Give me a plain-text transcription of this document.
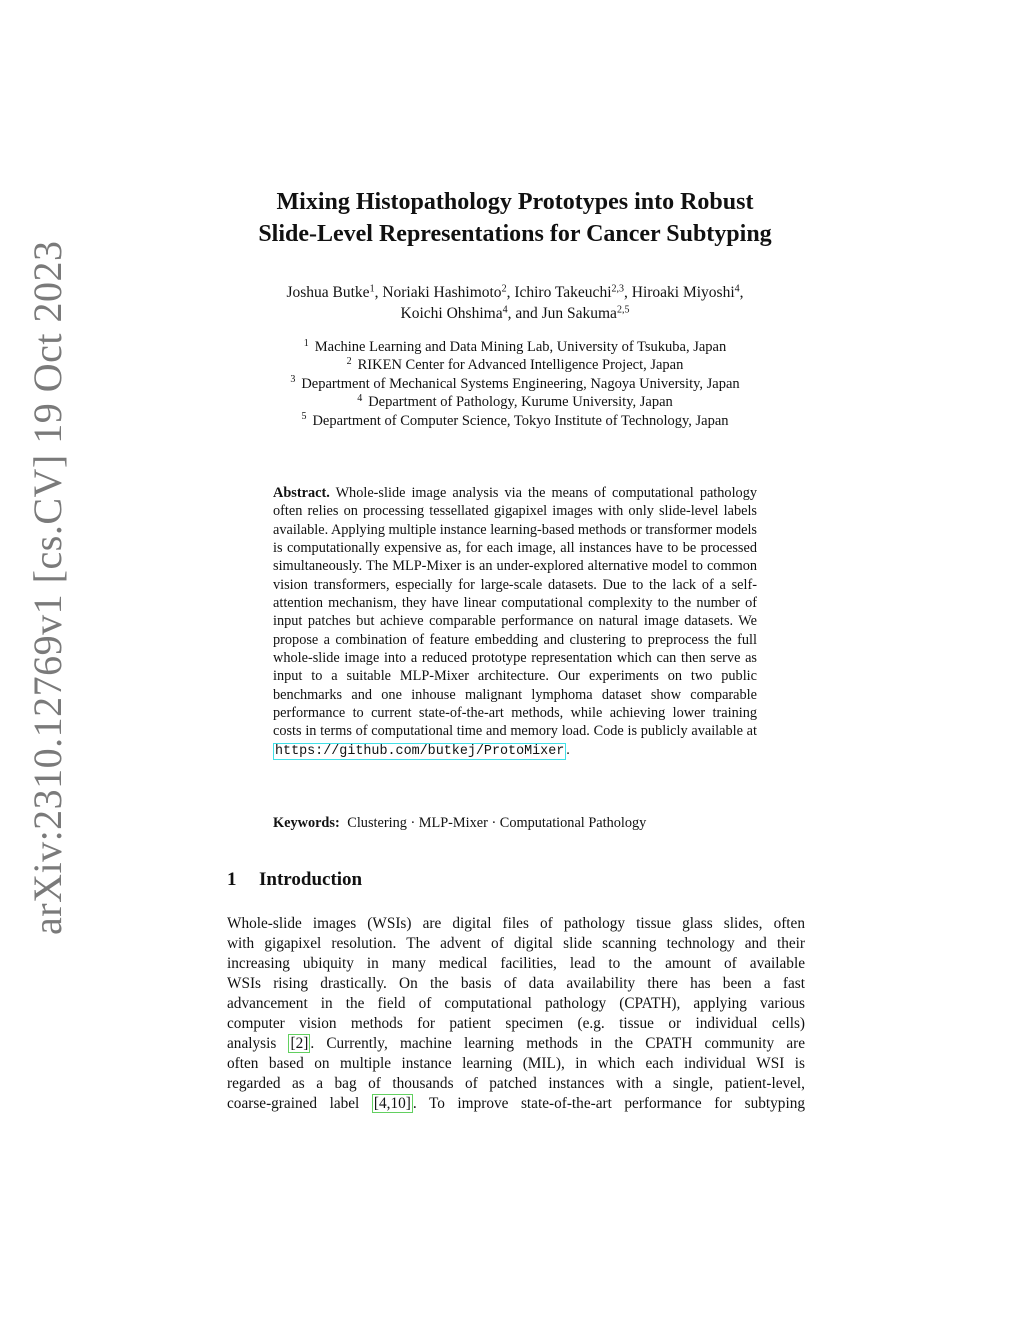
arXiv:2310.12769v1 [cs.CV] 19 Oct 2023
Mixing Histopathology Prototypes into Robust
Slide-Level Representations for Cancer Subtyping
Joshua Butke$^1$, Noriaki Hashimoto$^2$, Ichiro Takeuchi$^{2,3}$, Hiroaki Miyoshi$^4$,
Koichi Ohshima$^4$, and Jun Sakuma$^{2,5}$
$^1$ Machine Learning and Data Mining Lab, University of Tsukuba, Japan
$^2$ RIKEN Center for Advanced Intelligence Project, Japan
$^3$ Department of Mechanical Systems Engineering, Nagoya University, Japan
$^4$ Department of Pathology, Kurume University, Japan
$^5$ Department of Computer Science, Tokyo Institute of Technology, Japan
Abstract. Whole-slide image analysis via the means of computational pathology often relies on processing tessellated gigapixel images with only slide-level labels available. Applying multiple instance learning-based methods or transformer models is computationally expensive as, for each image, all instances have to be processed simultaneously. The MLP-Mixer is an under-explored alternative model to common vision transformers, especially for large-scale datasets. Due to the lack of a self-attention mechanism, they have linear computational complexity to the number of input patches but achieve comparable performance on natural image datasets. We propose a combination of feature embedding and clustering to preprocess the full whole-slide image into a reduced prototype representation which can then serve as input to a suitable MLP-Mixer architecture. Our experiments on two public benchmarks and one inhouse malignant lymphoma dataset show comparable performance to current state-of-the-art methods, while achieving lower training costs in terms of computational time and memory load. Code is publicly available at https://github.com/butkej/ProtoMixer .
Keywords: Clustering · MLP-Mixer · Computational Pathology
1 Introduction
Whole-slide images (WSIs) are digital files of pathology tissue glass slides, often
with gigapixel resolution. The advent of digital slide scanning technology and their
increasing ubiquity in many medical facilities, lead to the amount of available
WSIs rising drastically. On the basis of data availability there has been a fast
advancement in the field of computational pathology (CPATH), applying various
computer vision methods for patient specimen (e.g. tissue or individual cells)
analysis [2] . Currently, machine learning methods in the CPATH community are
often based on multiple instance learning (MIL), in which each individual WSI is
regarded as a bag of thousands of patched instances with a single, patient-level,
coarse-grained label [4,10] . To improve state-of-the-art performance for subtyping
